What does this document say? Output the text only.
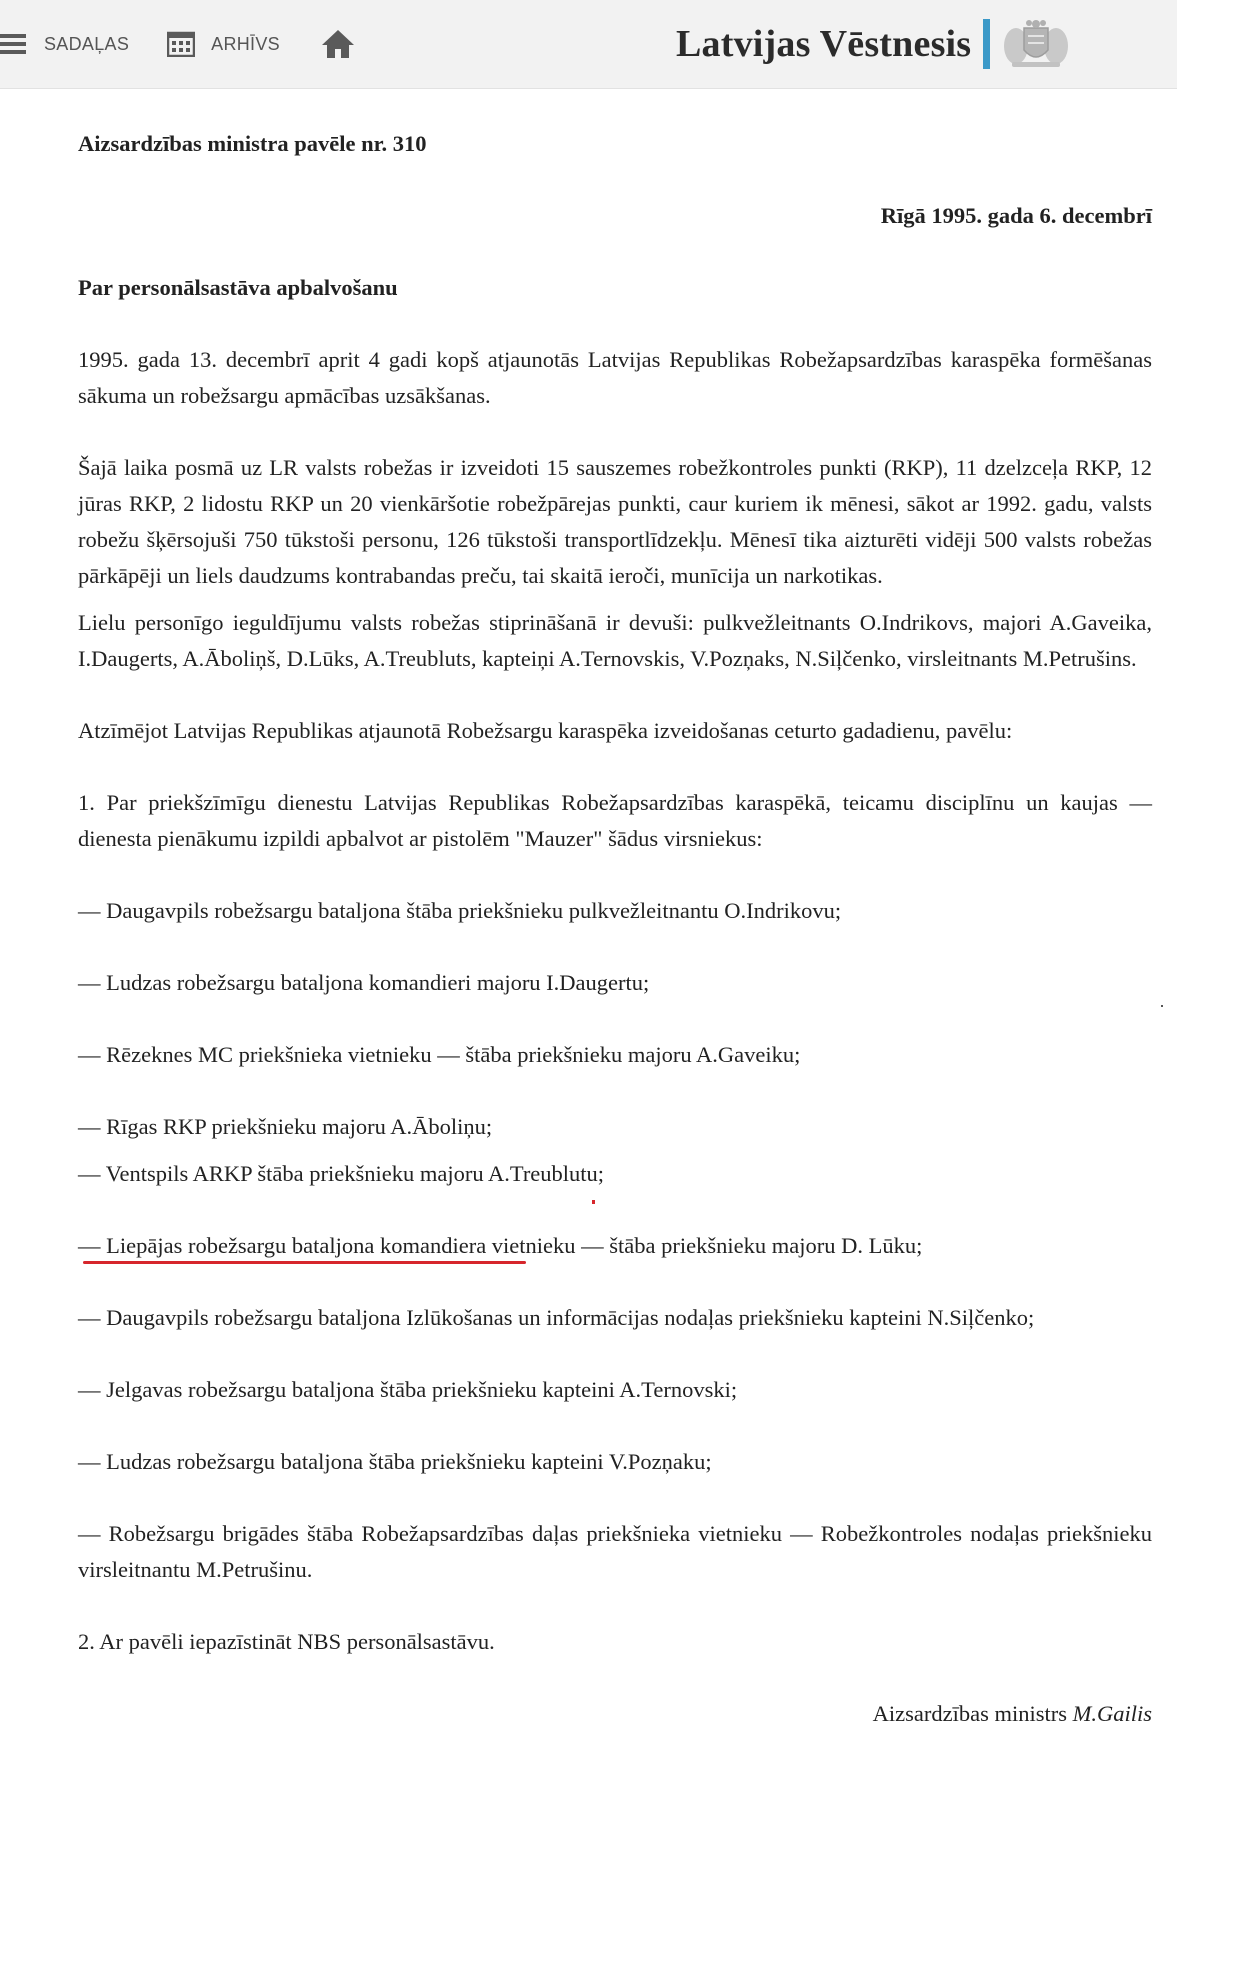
SADAĻAS	ARHĪVS	Latvijas Vēstnesis

Aizsardzības ministra pavēle nr. 310

Rīgā 1995. gada 6. decembrī

Par personālsastāva apbalvošanu

1995. gada 13. decembrī aprit 4 gadi kopš atjaunotās Latvijas Republikas Robežapsardzības karaspēka formēšanas sākuma un robežsargu apmācības uzsākšanas.

Šajā laika posmā uz LR valsts robežas ir izveidoti 15 sauszemes robežkontroles punkti (RKP), 11 dzelzceļa RKP, 12 jūras RKP, 2 lidostu RKP un 20 vienkāršotie robežpārejas punkti, caur kuriem ik mēnesi, sākot ar 1992. gadu, valsts robežu šķērsojuši 750 tūkstoši personu, 126 tūkstoši transportlīdzekļu. Mēnesī tika aizturēti vidēji 500 valsts robežas pārkāpēji un liels daudzums kontrabandas preču, tai skaitā ieroči, munīcija un narkotikas.

Lielu personīgo ieguldījumu valsts robežas stiprināšanā ir devuši: pulkvežleitnants O.Indrikovs, majori A.Gaveika, I.Daugerts, A.Āboliņš, D.Lūks, A.Treubluts, kapteiņi A.Ternovskis, V.Pozņaks, N.Siļčenko, virsleitnants M.Petrušins.

Atzīmējot Latvijas Republikas atjaunotā Robežsargu karaspēka izveidošanas ceturto gadadienu, pavēlu:

1. Par priekšzīmīgu dienestu Latvijas Republikas Robežapsardzības karaspēkā, teicamu disciplīnu un kaujas — dienesta pienākumu izpildi apbalvot ar pistolēm "Mauzer" šādus virsniekus:

— Daugavpils robežsargu bataljona štāba priekšnieku pulkvežleitnantu O.Indrikovu;

— Ludzas robežsargu bataljona komandieri majoru I.Daugertu;

— Rēzeknes MC priekšnieka vietnieku — štāba priekšnieku majoru A.Gaveiku;

— Rīgas RKP priekšnieku majoru A.Āboliņu;

— Ventspils ARKP štāba priekšnieku majoru A.Treublutu;

— Liepājas robežsargu bataljona komandiera vietnieku — štāba priekšnieku majoru D. Lūku;

— Daugavpils robežsargu bataljona Izlūkošanas un informācijas nodaļas priekšnieku kapteini N.Siļčenko;

— Jelgavas robežsargu bataljona štāba priekšnieku kapteini A.Ternovski;

— Ludzas robežsargu bataljona štāba priekšnieku kapteini V.Pozņaku;

— Robežsargu brigādes štāba Robežapsardzības daļas priekšnieka vietnieku — Robežkontroles nodaļas priekšnieku virsleitnantu M.Petrušinu.

2. Ar pavēli iepazīstināt NBS personālsastāvu.

Aizsardzības ministrs M.Gailis
